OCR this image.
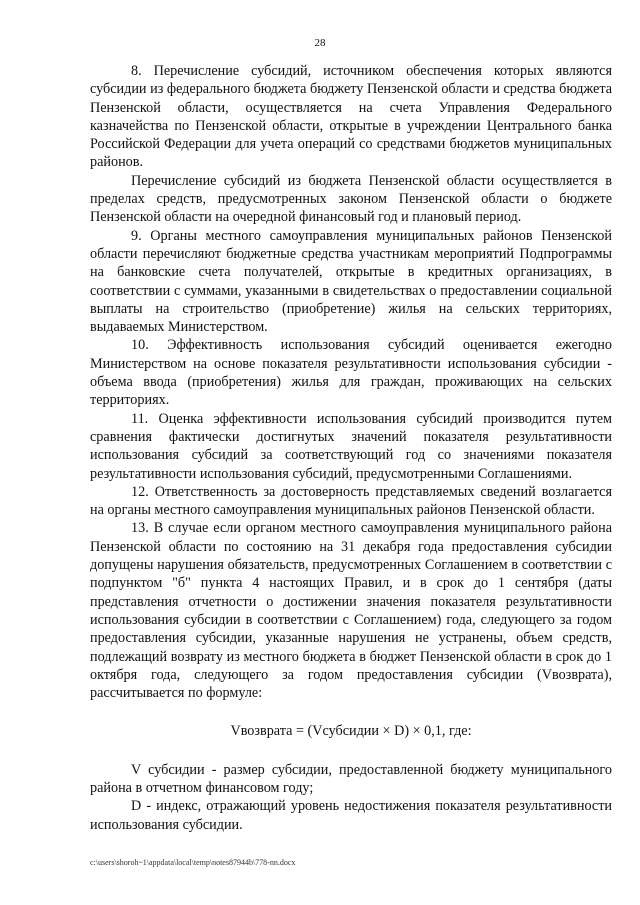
28

8. Перечисление субсидий, источником обеспечения которых являются субсидии из федерального бюджета бюджету Пензенской области и средства бюджета Пензенской области, осуществляется на счета Управления Федерального казначейства по Пензенской области, открытые в учреждении Центрального банка Российской Федерации для учета операций со средствами бюджетов муниципальных районов.

Перечисление субсидий из бюджета Пензенской области осуществляется в пределах средств, предусмотренных законом Пензенской области о бюджете Пензенской области на очередной финансовый год и плановый период.

9. Органы местного самоуправления муниципальных районов Пензенской области перечисляют бюджетные средства участникам мероприятий Подпрограммы на банковские счета получателей, открытые в кредитных организациях, в соответствии с суммами, указанными в свидетельствах о предоставлении социальной выплаты на строительство (приобретение) жилья на сельских территориях, выдаваемых Министерством.

10. Эффективность использования субсидий оценивается ежегодно Министерством на основе показателя результативности использования субсидии - объема ввода (приобретения) жилья для граждан, проживающих на сельских территориях.

11. Оценка эффективности использования субсидий производится путем сравнения фактически достигнутых значений показателя результативности использования субсидий за соответствующий год со значениями показателя результативности использования субсидий, предусмотренными Соглашениями.

12. Ответственность за достоверность представляемых сведений возлагается на органы местного самоуправления муниципальных районов Пензенской области.

13. В случае если органом местного самоуправления муниципального района Пензенской области по состоянию на 31 декабря года предоставления субсидии допущены нарушения обязательств, предусмотренных Соглашением в соответствии с подпунктом "б" пункта 4 настоящих Правил, и в срок до 1 сентября (даты представления отчетности о достижении значения показателя результативности использования субсидии в соответствии с Соглашением) года, следующего за годом предоставления субсидии, указанные нарушения не устранены, объем средств, подлежащий возврату из местного бюджета в бюджет Пензенской области в срок до 1 октября года, следующего за годом предоставления субсидии (Vвозврата), рассчитывается по формуле:

Vвозврата = (Vсубсидии × D) × 0,1, где:

V субсидии - размер субсидии, предоставленной бюджету муниципального района в отчетном финансовом году;

D - индекс, отражающий уровень недостижения показателя результативности использования субсидии.

c:\users\shoroh~1\appdata\local\temp\notes87944b\778-nn.docx
